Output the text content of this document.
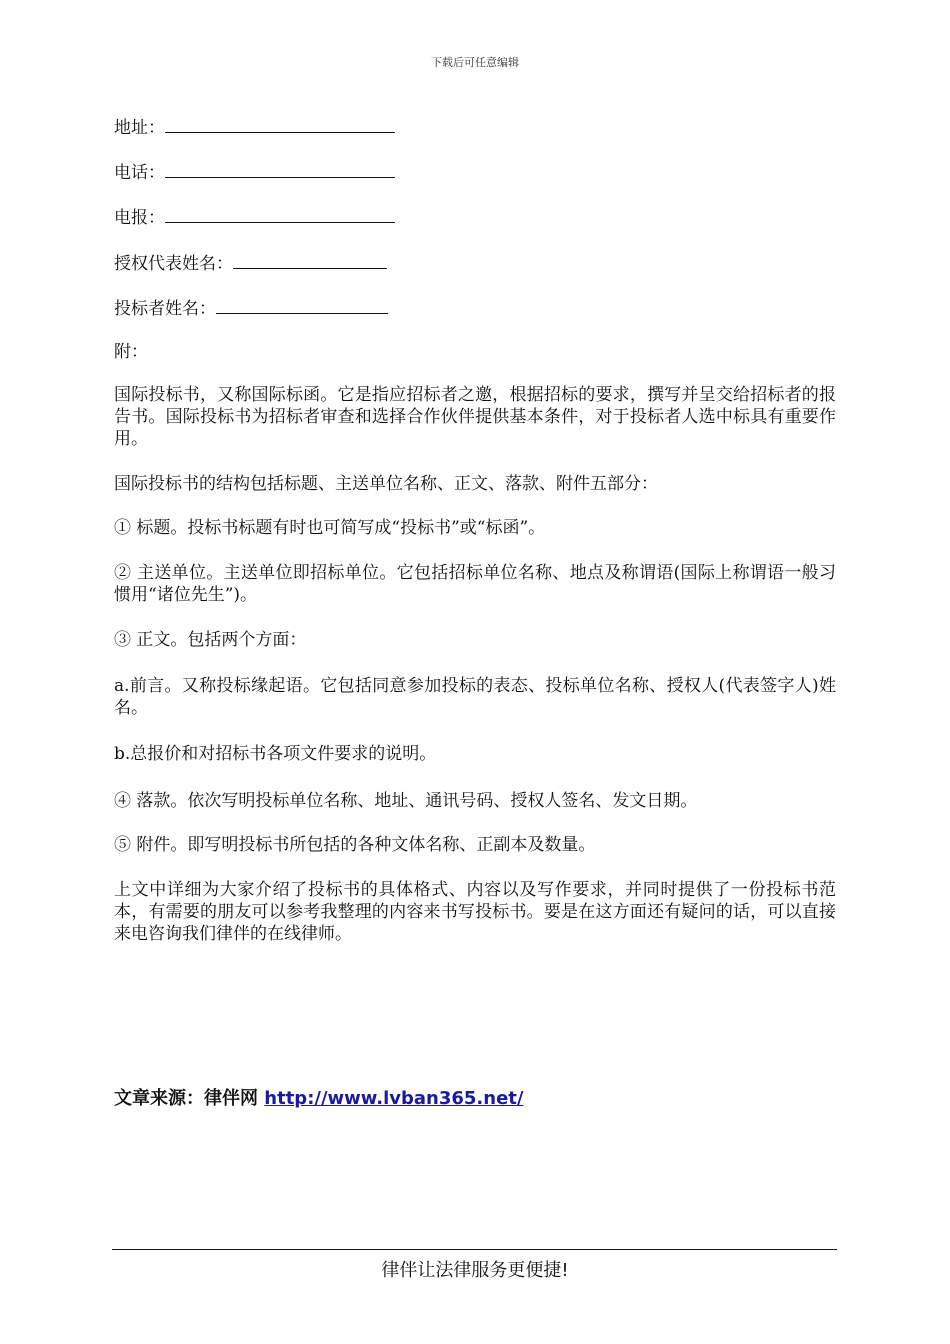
下载后可任意编辑
地址：
电话：
电报：
授权代表姓名：
投标者姓名：
附：
国际投标书，又称国际标函。它是指应招标者之邀，根据招标的要求，撰写并呈交给招标者的报告书。国际投标书为招标者审查和选择合作伙伴提供基本条件，对于投标者人选中标具有重要作用。
国际投标书的结构包括标题、主送单位名称、正文、落款、附件五部分：
① 标题。投标书标题有时也可简写成“投标书”或“标函”。
② 主送单位。主送单位即招标单位。它包括招标单位名称、地点及称谓语(国际上称谓语一般习惯用“诸位先生”)。
③ 正文。包括两个方面：
a.前言。又称投标缘起语。它包括同意参加投标的表态、投标单位名称、授权人(代表签字人)姓名。
b.总报价和对招标书各项文件要求的说明。
④ 落款。依次写明投标单位名称、地址、通讯号码、授权人签名、发文日期。
⑤ 附件。即写明投标书所包括的各种文体名称、正副本及数量。
上文中详细为大家介绍了投标书的具体格式、内容以及写作要求，并同时提供了一份投标书范本，有需要的朋友可以参考我整理的内容来书写投标书。要是在这方面还有疑问的话，可以直接来电咨询我们律伴的在线律师。
文章来源：律伴网 http://www.lvban365.net/
律伴让法律服务更便捷!
